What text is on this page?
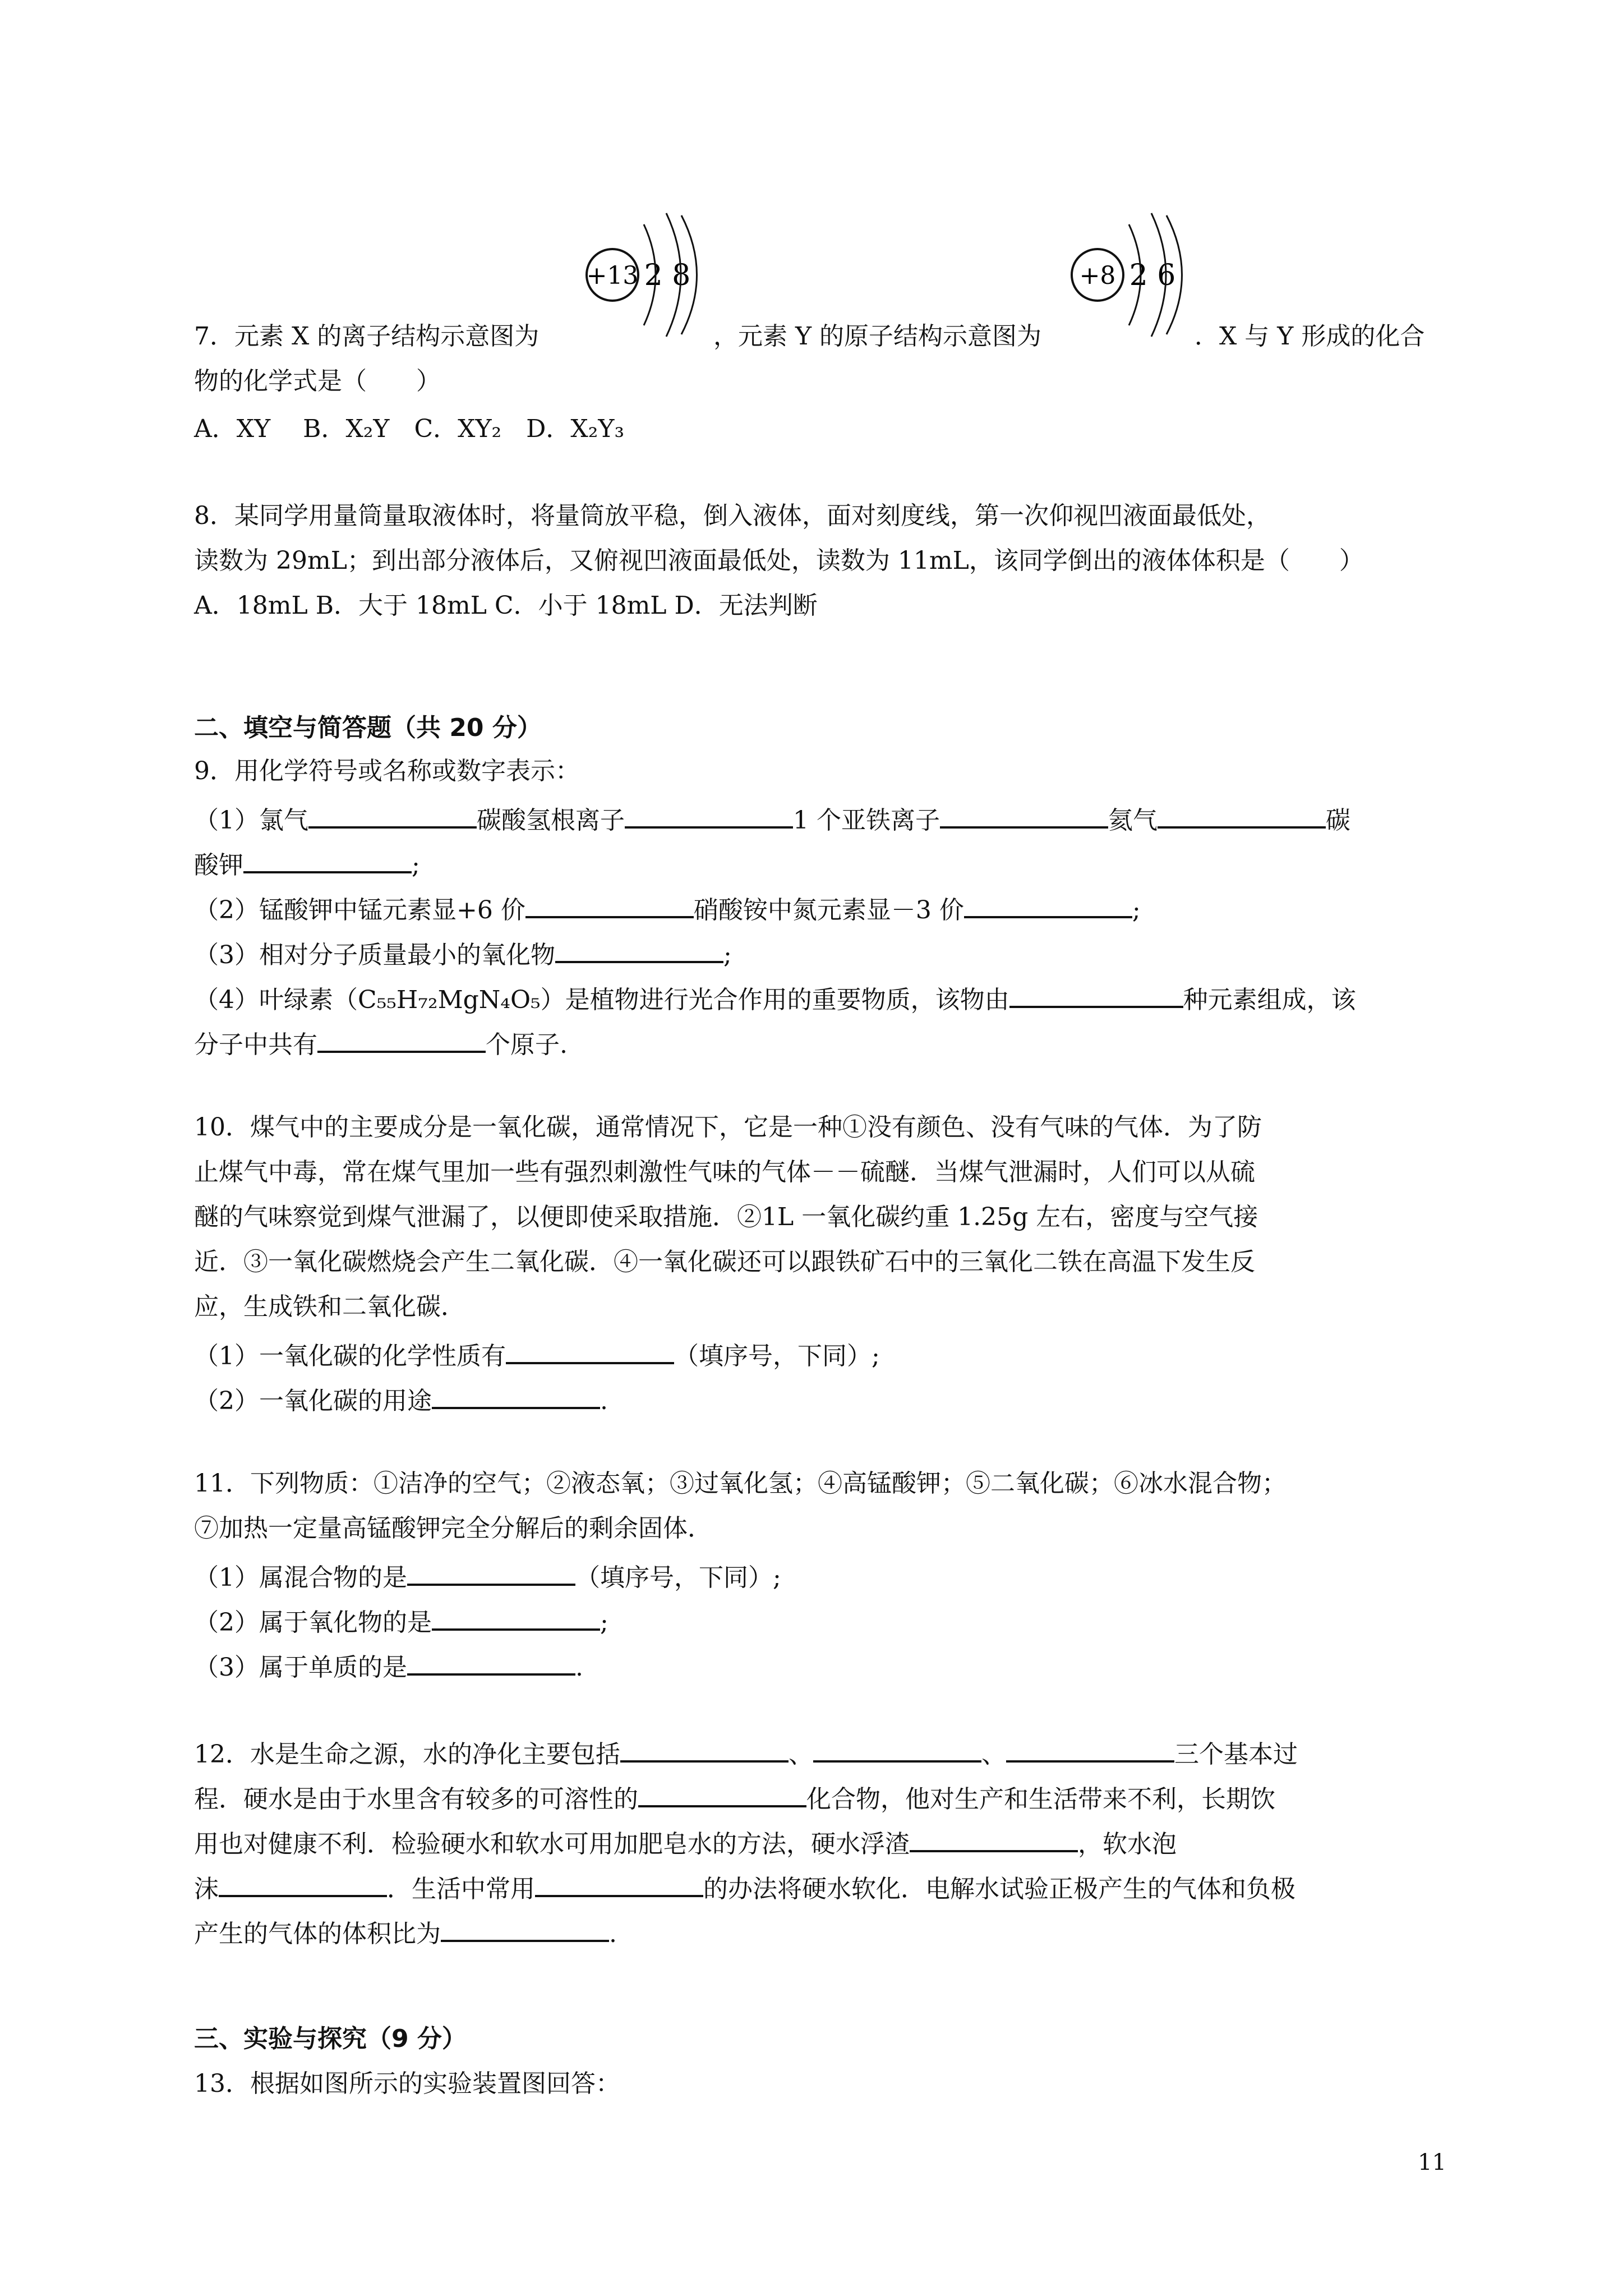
+13 2 8	+8 2 6
7．元素 X 的离子结构示意图为	，元素 Y 的原子结构示意图为	．X 与 Y 形成的化合
物的化学式是（　　）
A．XY　 B．X₂Y　C．XY₂　D．X₂Y₃
8．某同学用量筒量取液体时，将量筒放平稳，倒入液体，面对刻度线，第一次仰视凹液面最低处，
读数为 29mL；到出部分液体后，又俯视凹液面最低处，读数为 11mL，该同学倒出的液体体积是（　　）
A．18mL B．大于 18mL C．小于 18mL D．无法判断
二、填空与简答题（共 20 分）
9．用化学符号或名称或数字表示：
（1）氯气	碳酸氢根离子	1 个亚铁离子	氦气	碳
酸钾	;
（2）锰酸钾中锰元素显+6 价	硝酸铵中氮元素显－3 价	;
（3）相对分子质量最小的氧化物	;
（4）叶绿素（C₅₅H₇₂MgN₄O₅）是植物进行光合作用的重要物质，该物由	种元素组成，该
分子中共有	个原子.
10．煤气中的主要成分是一氧化碳，通常情况下，它是一种①没有颜色、没有气味的气体．为了防
止煤气中毒，常在煤气里加一些有强烈刺激性气味的气体－－硫醚．当煤气泄漏时，人们可以从硫
醚的气味察觉到煤气泄漏了，以便即使采取措施．②1L 一氧化碳约重 1.25g 左右，密度与空气接
近．③一氧化碳燃烧会产生二氧化碳．④一氧化碳还可以跟铁矿石中的三氧化二铁在高温下发生反
应，生成铁和二氧化碳．
（1）一氧化碳的化学性质有	（填序号，下同）;
（2）一氧化碳的用途	.
11．下列物质：①洁净的空气；②液态氧；③过氧化氢；④高锰酸钾；⑤二氧化碳；⑥冰水混合物；
⑦加热一定量高锰酸钾完全分解后的剩余固体．
（1）属混合物的是	（填序号，下同）;
（2）属于氧化物的是	;
（3）属于单质的是	.
12．水是生命之源，水的净化主要包括	、	、	三个基本过
程．硬水是由于水里含有较多的可溶性的	化合物，他对生产和生活带来不利，长期饮
用也对健康不利．检验硬水和软水可用加肥皂水的方法，硬水浮渣	，软水泡
沫	．生活中常用	的办法将硬水软化．电解水试验正极产生的气体和负极
产生的气体的体积比为	.
三、实验与探究（9 分）
13．根据如图所示的实验装置图回答：
11
